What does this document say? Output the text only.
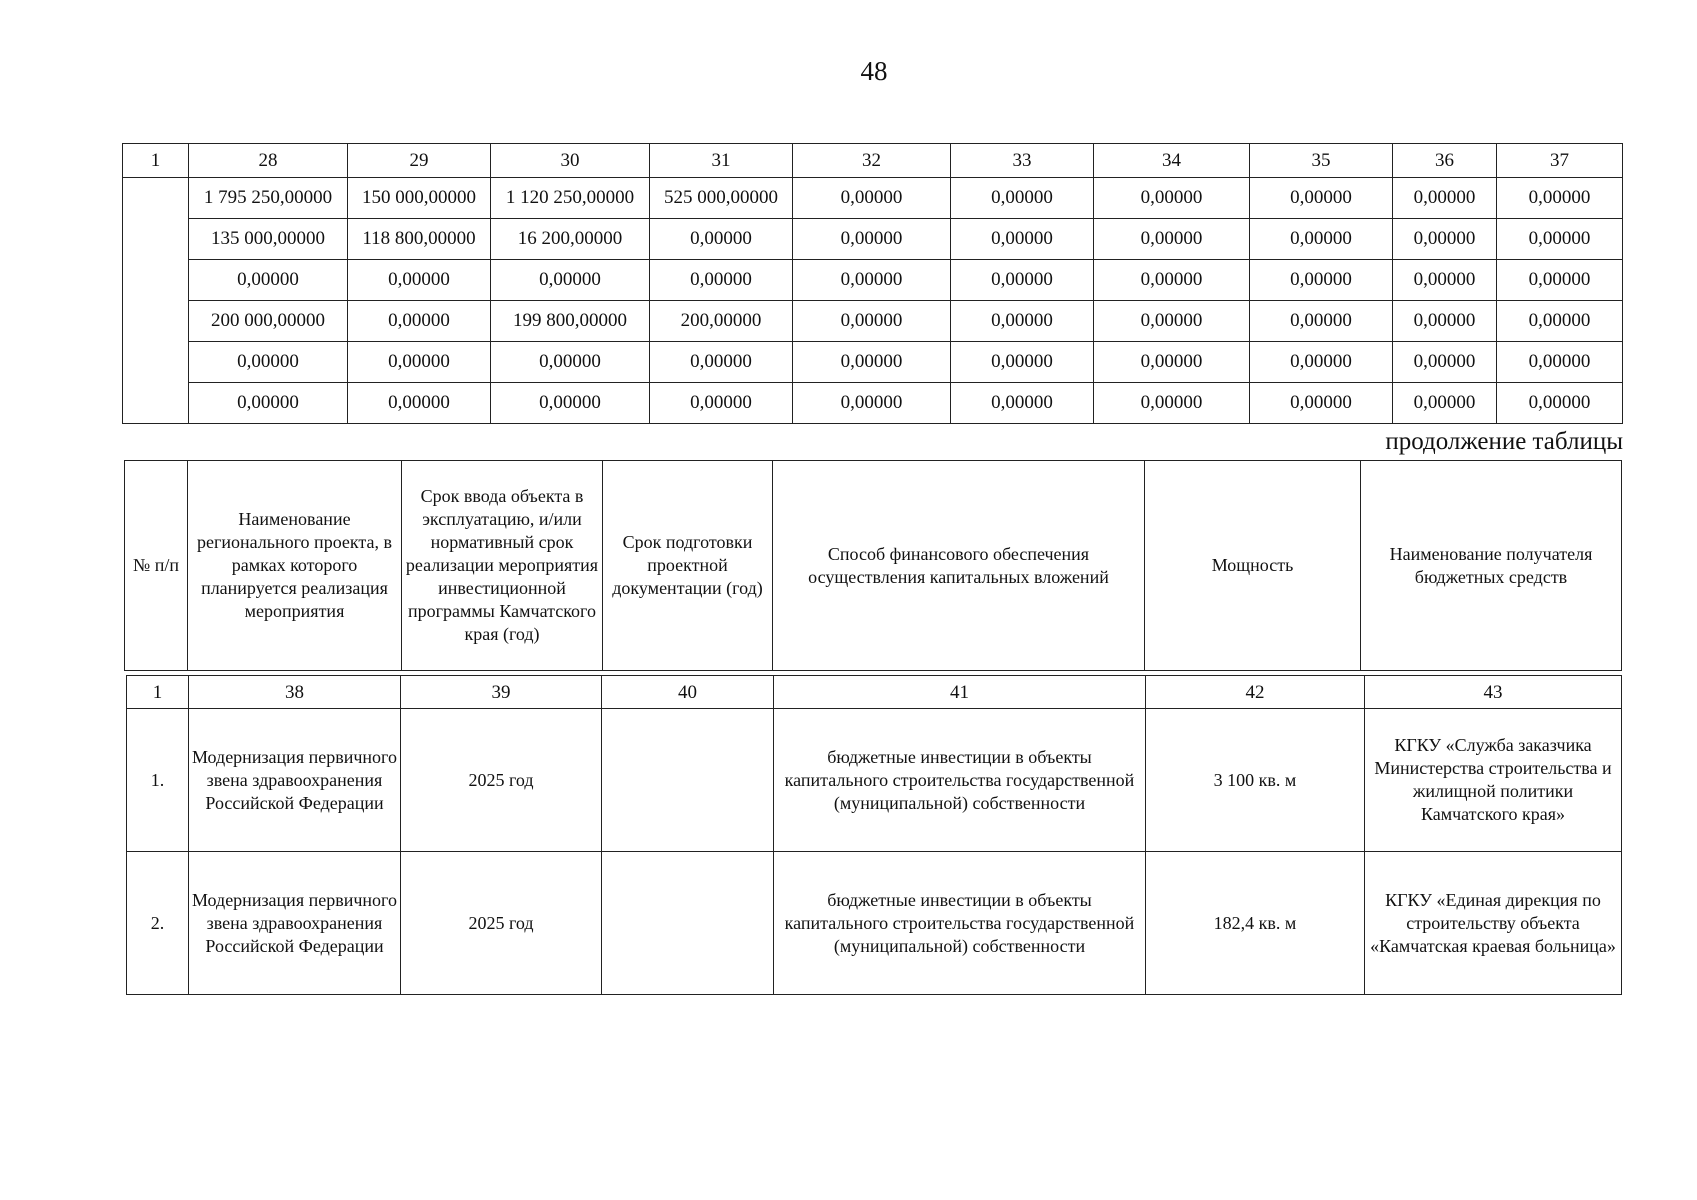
48
1	28	29	30	31	32	33	34	35	36	37
	1 795 250,00000	150 000,00000	1 120 250,00000	525 000,00000	0,00000	0,00000	0,00000	0,00000	0,00000	0,00000
	135 000,00000	118 800,00000	16 200,00000	0,00000	0,00000	0,00000	0,00000	0,00000	0,00000	0,00000
	0,00000	0,00000	0,00000	0,00000	0,00000	0,00000	0,00000	0,00000	0,00000	0,00000
	200 000,00000	0,00000	199 800,00000	200,00000	0,00000	0,00000	0,00000	0,00000	0,00000	0,00000
	0,00000	0,00000	0,00000	0,00000	0,00000	0,00000	0,00000	0,00000	0,00000	0,00000
	0,00000	0,00000	0,00000	0,00000	0,00000	0,00000	0,00000	0,00000	0,00000	0,00000
продолжение таблицы
№ п/п	Наименование регионального проекта, в рамках которого планируется реализация мероприятия	Срок ввода объекта в эксплуатацию, и/или нормативный срок реализации мероприятия инвестиционной программы Камчатского края (год)	Срок подготовки проектной документации (год)	Способ финансового обеспечения осуществления капитальных вложений	Мощность	Наименование получателя бюджетных средств
1	38	39	40	41	42	43
1.	Модернизация первичного звена здравоохранения Российской Федерации	2025 год		бюджетные инвестиции в объекты капитального строительства государственной (муниципальной) собственности	3 100 кв. м	КГКУ «Служба заказчика Министерства строительства и жилищной политики Камчатского края»
2.	Модернизация первичного звена здравоохранения Российской Федерации	2025 год		бюджетные инвестиции в объекты капитального строительства государственной (муниципальной) собственности	182,4 кв. м	КГКУ «Единая дирекция по строительству объекта «Камчатская краевая больница»
